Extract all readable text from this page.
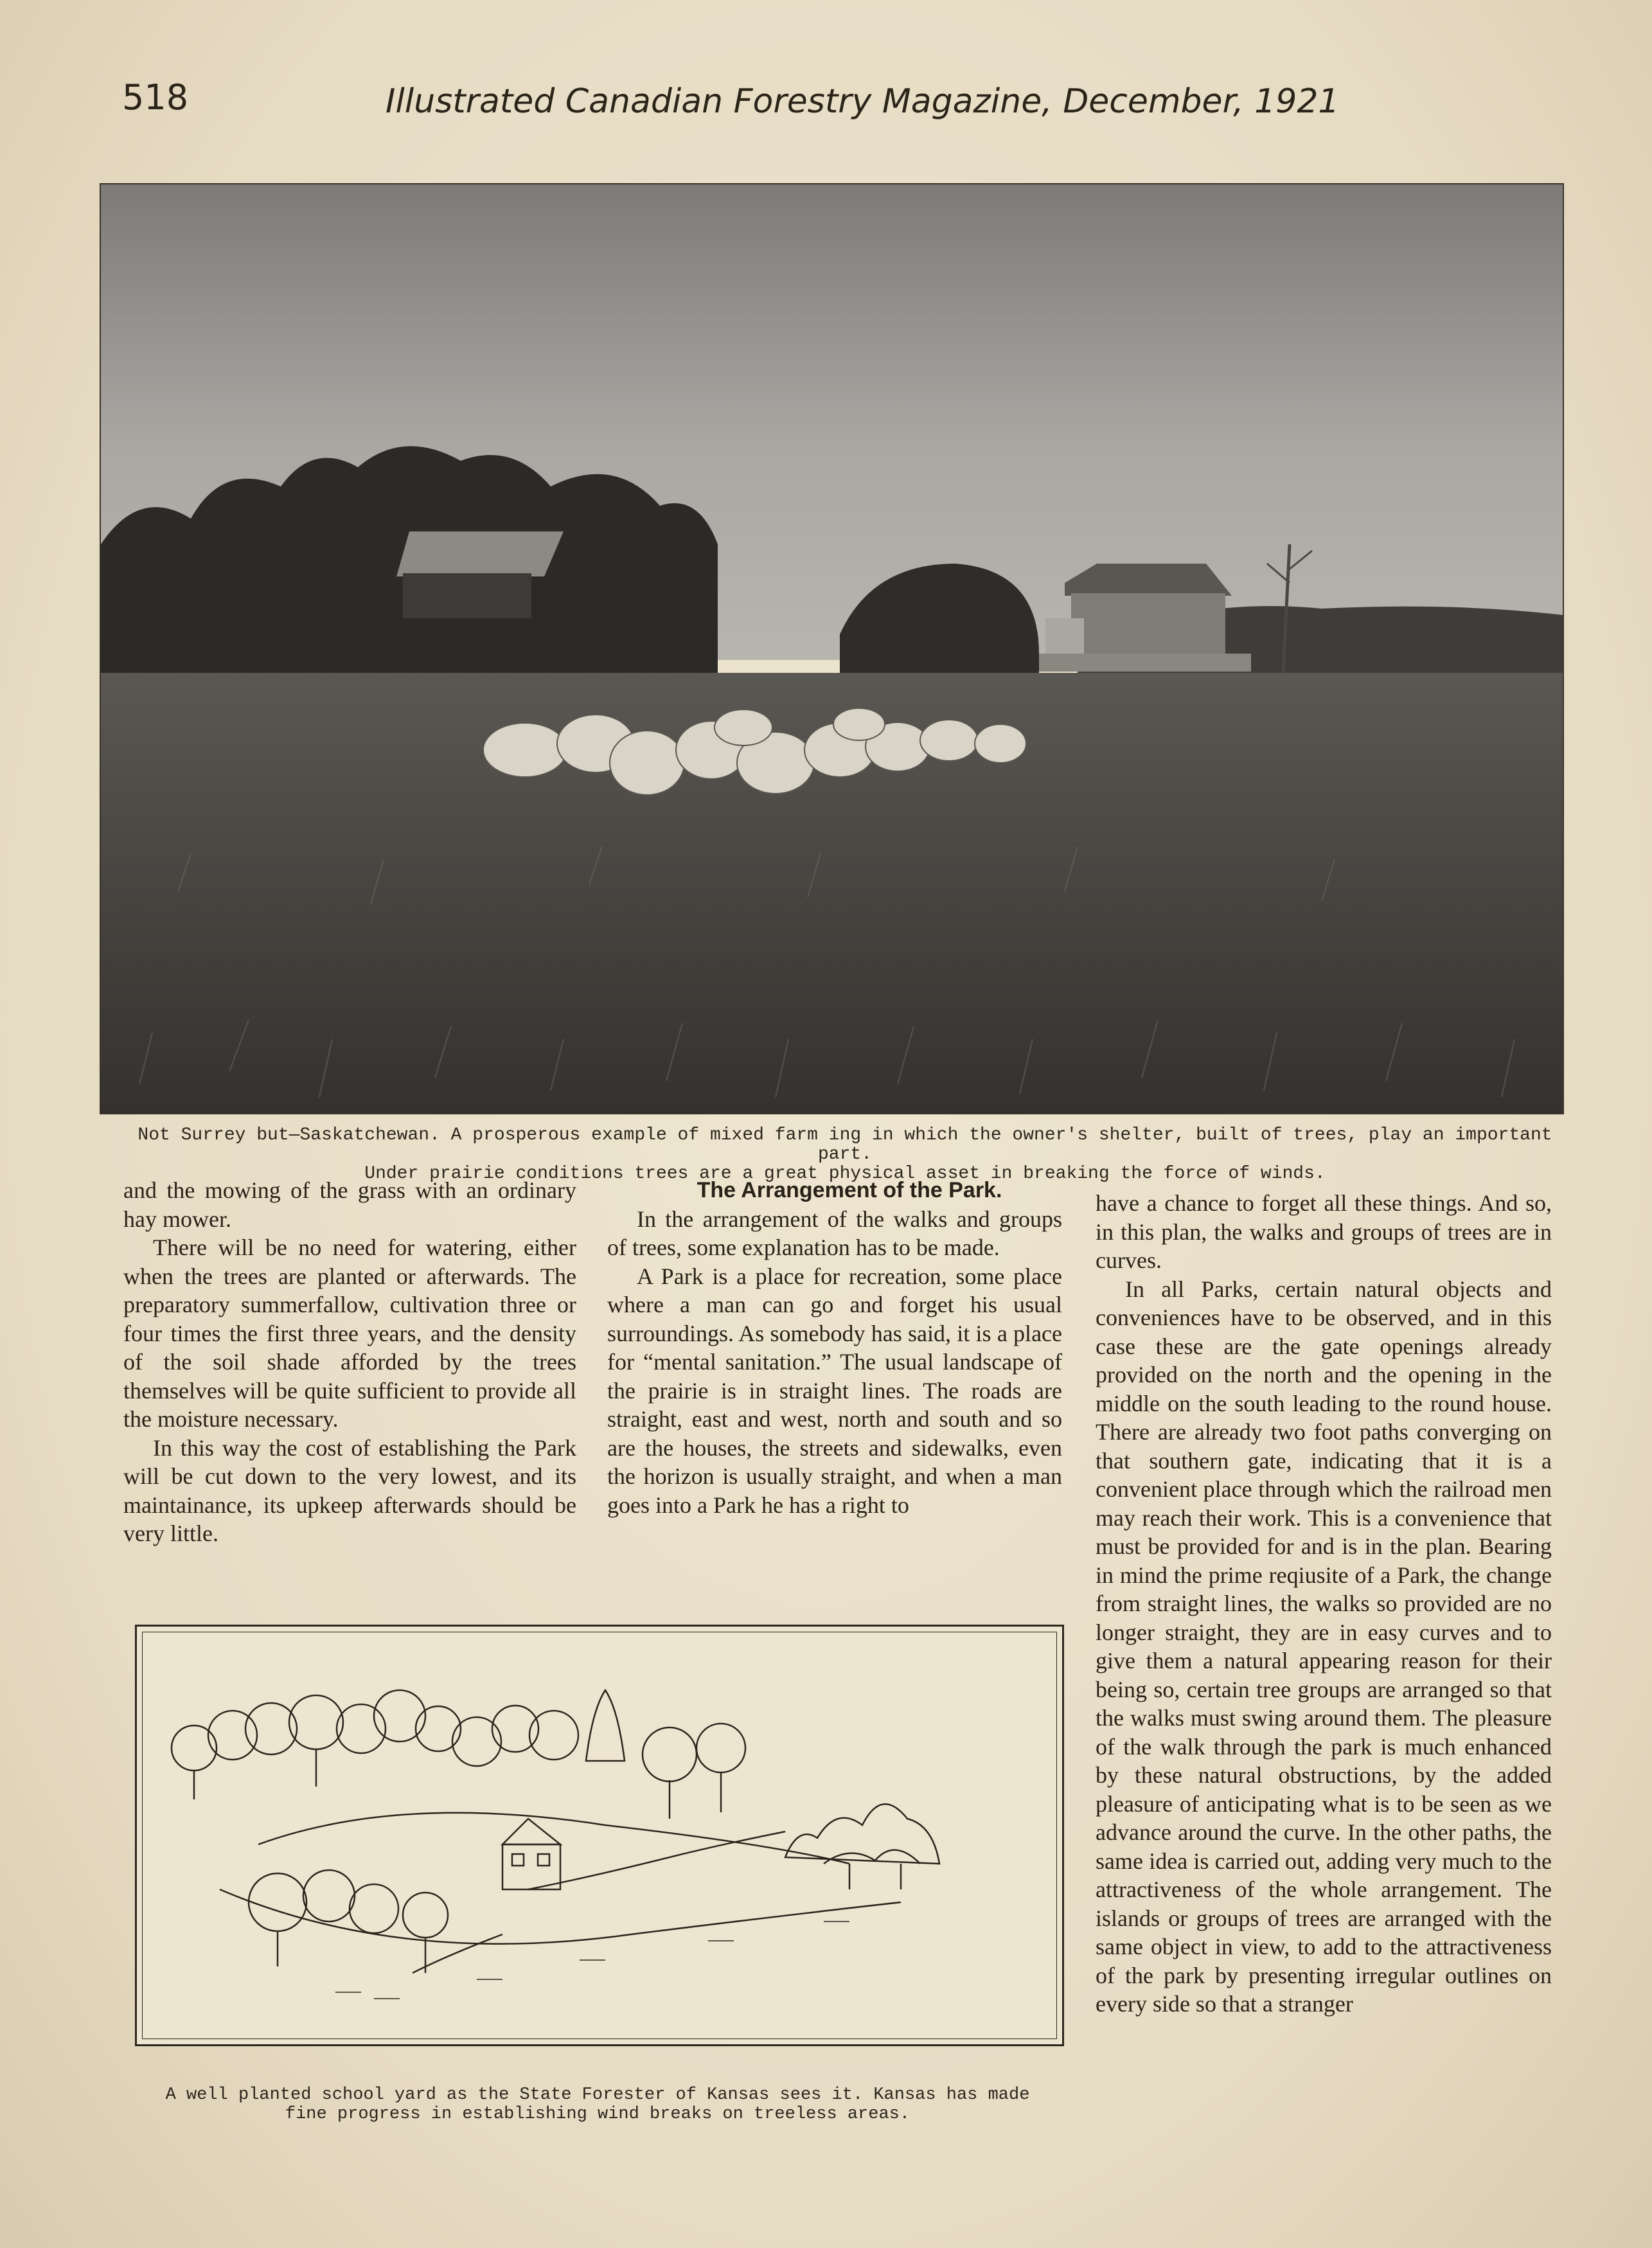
518	Illustrated Canadian Forestry Magazine, December, 1921
Not Surrey but—Saskatchewan. A prosperous example of mixed farm ing in which the owner's shelter, built of trees, play an important part.
Under prairie conditions trees are a great physical asset in breaking the force of winds.

and the mowing of the grass with an ordinary hay mower.

There will be no need for watering, either when the trees are planted or afterwards. The preparatory summerfallow, cultivation three or four times the first three years, and the density of the soil shade afforded by the trees themselves will be quite sufficient to provide all the moisture necessary.

In this way the cost of establishing the Park will be cut down to the very lowest, and its maintainance, its upkeep afterwards should be very little.

The Arrangement of the Park.

In the arrangement of the walks and groups of trees, some explanation has to be made.

A Park is a place for recreation, some place where a man can go and forget his usual surroundings. As somebody has said, it is a place for “mental sanitation.” The usual landscape of the prairie is in straight lines. The roads are straight, east and west, north and south and so are the houses, the streets and sidewalks, even the horizon is usually straight, and when a man goes into a Park he has a right to

have a chance to forget all these things. And so, in this plan, the walks and groups of trees are in curves.

In all Parks, certain natural objects and conveniences have to be observed, and in this case these are the gate openings already provided on the north and the opening in the middle on the south leading to the round house. There are already two foot paths converging on that southern gate, indicating that it is a convenient place through which the railroad men may reach their work. This is a convenience that must be provided for and is in the plan. Bearing in mind the prime reqiusite of a Park, the change from straight lines, the walks so provided are no longer straight, they are in easy curves and to give them a natural appearing reason for their being so, certain tree groups are arranged so that the walks must swing around them. The pleasure of the walk through the park is much enhanced by these natural obstructions, by the added pleasure of anticipating what is to be seen as we advance around the curve. In the other paths, the same idea is carried out, adding very much to the attractiveness of the whole arrangement. The islands or groups of trees are arranged with the same object in view, to add to the attractiveness of the park by presenting irregular outlines on every side so that a stranger

A well planted school yard as the State Forester of Kansas sees it. Kansas has made
fine progress in establishing wind breaks on treeless areas.
